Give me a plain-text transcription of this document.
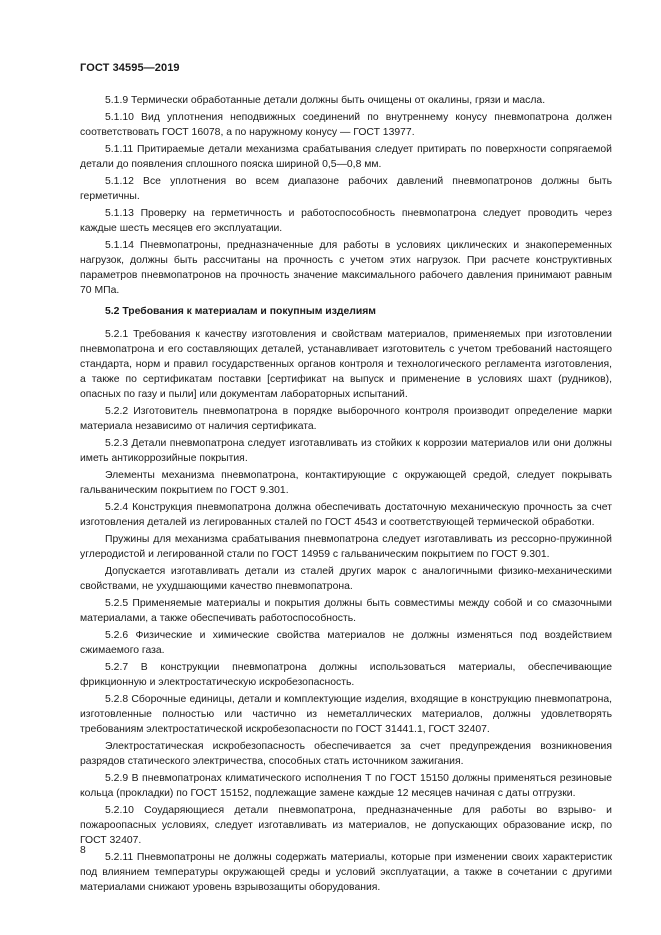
ГОСТ 34595—2019

5.1.9 Термически обработанные детали должны быть очищены от окалины, грязи и масла.

5.1.10 Вид уплотнения неподвижных соединений по внутреннему конусу пневмопатрона должен соответствовать ГОСТ 16078, а по наружному конусу — ГОСТ 13977.

5.1.11 Притираемые детали механизма срабатывания следует притирать по поверхности сопрягаемой детали до появления сплошного пояска шириной 0,5—0,8 мм.

5.1.12 Все уплотнения во всем диапазоне рабочих давлений пневмопатронов должны быть герметичны.

5.1.13 Проверку на герметичность и работоспособность пневмопатрона следует проводить через каждые шесть месяцев его эксплуатации.

5.1.14 Пневмопатроны, предназначенные для работы в условиях циклических и знакопеременных нагрузок, должны быть рассчитаны на прочность с учетом этих нагрузок. При расчете конструктивных параметров пневмопатронов на прочность значение максимального рабочего давления принимают равным 70 МПа.

5.2 Требования к материалам и покупным изделиям

5.2.1 Требования к качеству изготовления и свойствам материалов, применяемых при изготовлении пневмопатрона и его составляющих деталей, устанавливает изготовитель с учетом требований настоящего стандарта, норм и правил государственных органов контроля и технологического регламента изготовления, а также по сертификатам поставки [сертификат на выпуск и применение в условиях шахт (рудников), опасных по газу и пыли] или документам лабораторных испытаний.

5.2.2 Изготовитель пневмопатрона в порядке выборочного контроля производит определение марки материала независимо от наличия сертификата.

5.2.3 Детали пневмопатрона следует изготавливать из стойких к коррозии материалов или они должны иметь антикоррозийные покрытия.

Элементы механизма пневмопатрона, контактирующие с окружающей средой, следует покрывать гальваническим покрытием по ГОСТ 9.301.

5.2.4 Конструкция пневмопатрона должна обеспечивать достаточную механическую прочность за счет изготовления деталей из легированных сталей по ГОСТ 4543 и соответствующей термической обработки.

Пружины для механизма срабатывания пневмопатрона следует изготавливать из рессорно-пружинной углеродистой и легированной стали по ГОСТ 14959 с гальваническим покрытием по ГОСТ 9.301.

Допускается изготавливать детали из сталей других марок с аналогичными физико-механическими свойствами, не ухудшающими качество пневмопатрона.

5.2.5 Применяемые материалы и покрытия должны быть совместимы между собой и со смазочными материалами, а также обеспечивать работоспособность.

5.2.6 Физические и химические свойства материалов не должны изменяться под воздействием сжимаемого газа.

5.2.7 В конструкции пневмопатрона должны использоваться материалы, обеспечивающие фрикционную и электростатическую искробезопасность.

5.2.8 Сборочные единицы, детали и комплектующие изделия, входящие в конструкцию пневмопатрона, изготовленные полностью или частично из неметаллических материалов, должны удовлетворять требованиям электростатической искробезопасности по ГОСТ 31441.1, ГОСТ 32407.

Электростатическая искробезопасность обеспечивается за счет предупреждения возникновения разрядов статического электричества, способных стать источником зажигания.

5.2.9 В пневмопатронах климатического исполнения Т по ГОСТ 15150 должны применяться резиновые кольца (прокладки) по ГОСТ 15152, подлежащие замене каждые 12 месяцев начиная с даты отгрузки.

5.2.10 Соударяющиеся детали пневмопатрона, предназначенные для работы во взрыво- и пожароопасных условиях, следует изготавливать из материалов, не допускающих образование искр, по ГОСТ 32407.

5.2.11 Пневмопатроны не должны содержать материалы, которые при изменении своих характеристик под влиянием температуры окружающей среды и условий эксплуатации, а также в сочетании с другими материалами снижают уровень взрывозащиты оборудования.

8
